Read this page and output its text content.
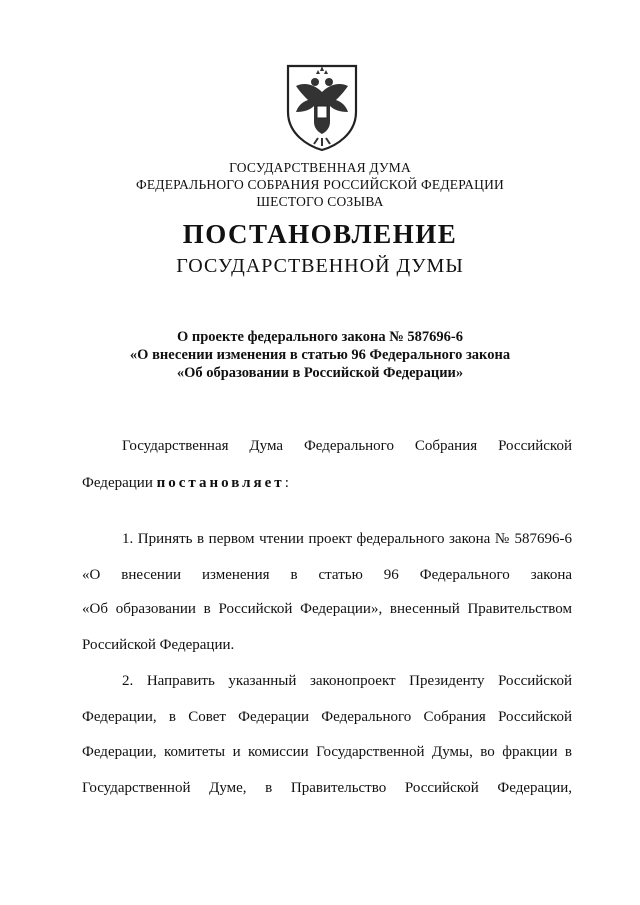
ГОСУДАРСТВЕННАЯ ДУМА
ФЕДЕРАЛЬНОГО СОБРАНИЯ РОССИЙСКОЙ ФЕДЕРАЦИИ
ШЕСТОГО СОЗЫВА
ПОСТАНОВЛЕНИЕ
ГОСУДАРСТВЕННОЙ ДУМЫ
О проекте федерального закона № 587696-6
«О внесении изменения в статью 96 Федерального закона
«Об образовании в Российской Федерации»
Государственная Дума Федерального Собрания Российской
Федерации постановляет:
1. Принять в первом чтении проект федерального закона № 587696-6
«О внесении изменения в статью 96 Федерального закона
«Об образовании в Российской Федерации», внесенный Правительством
Российской Федерации.
2. Направить указанный законопроект Президенту Российской
Федерации, в Совет Федерации Федерального Собрания Российской
Федерации, комитеты и комиссии Государственной Думы, во фракции в
Государственной Думе, в Правительство Российской Федерации,
